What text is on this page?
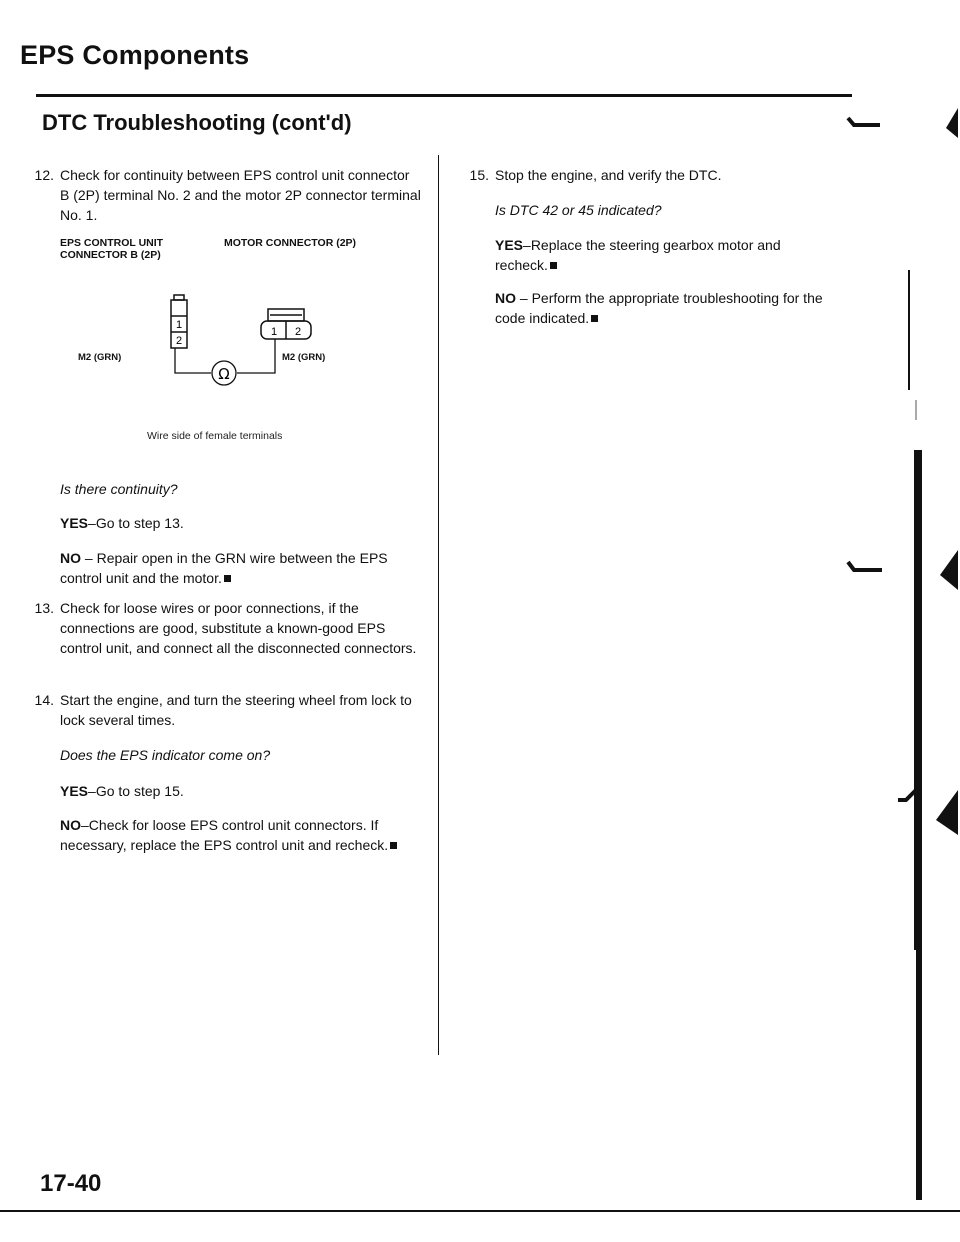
EPS Components
DTC Troubleshooting (cont'd)
12. Check for continuity between EPS control unit connector B (2P) terminal No. 2 and the motor 2P connector terminal No. 1.
EPS CONTROL UNIT CONNECTOR B (2P)
MOTOR CONNECTOR (2P)
1
2
1 2
Ω
M2 (GRN)	M2 (GRN)
Wire side of female terminals
Is there continuity?
YES–Go to step 13.
NO – Repair open in the GRN wire between the EPS control unit and the motor.
13. Check for loose wires or poor connections, if the connections are good, substitute a known-good EPS control unit, and connect all the disconnected connectors.
14. Start the engine, and turn the steering wheel from lock to lock several times.
Does the EPS indicator come on?
YES–Go to step 15.
NO–Check for loose EPS control unit connectors. If necessary, replace the EPS control unit and recheck.
15. Stop the engine, and verify the DTC.
Is DTC 42 or 45 indicated?
YES–Replace the steering gearbox motor and recheck.
NO – Perform the appropriate troubleshooting for the code indicated.
17-40
